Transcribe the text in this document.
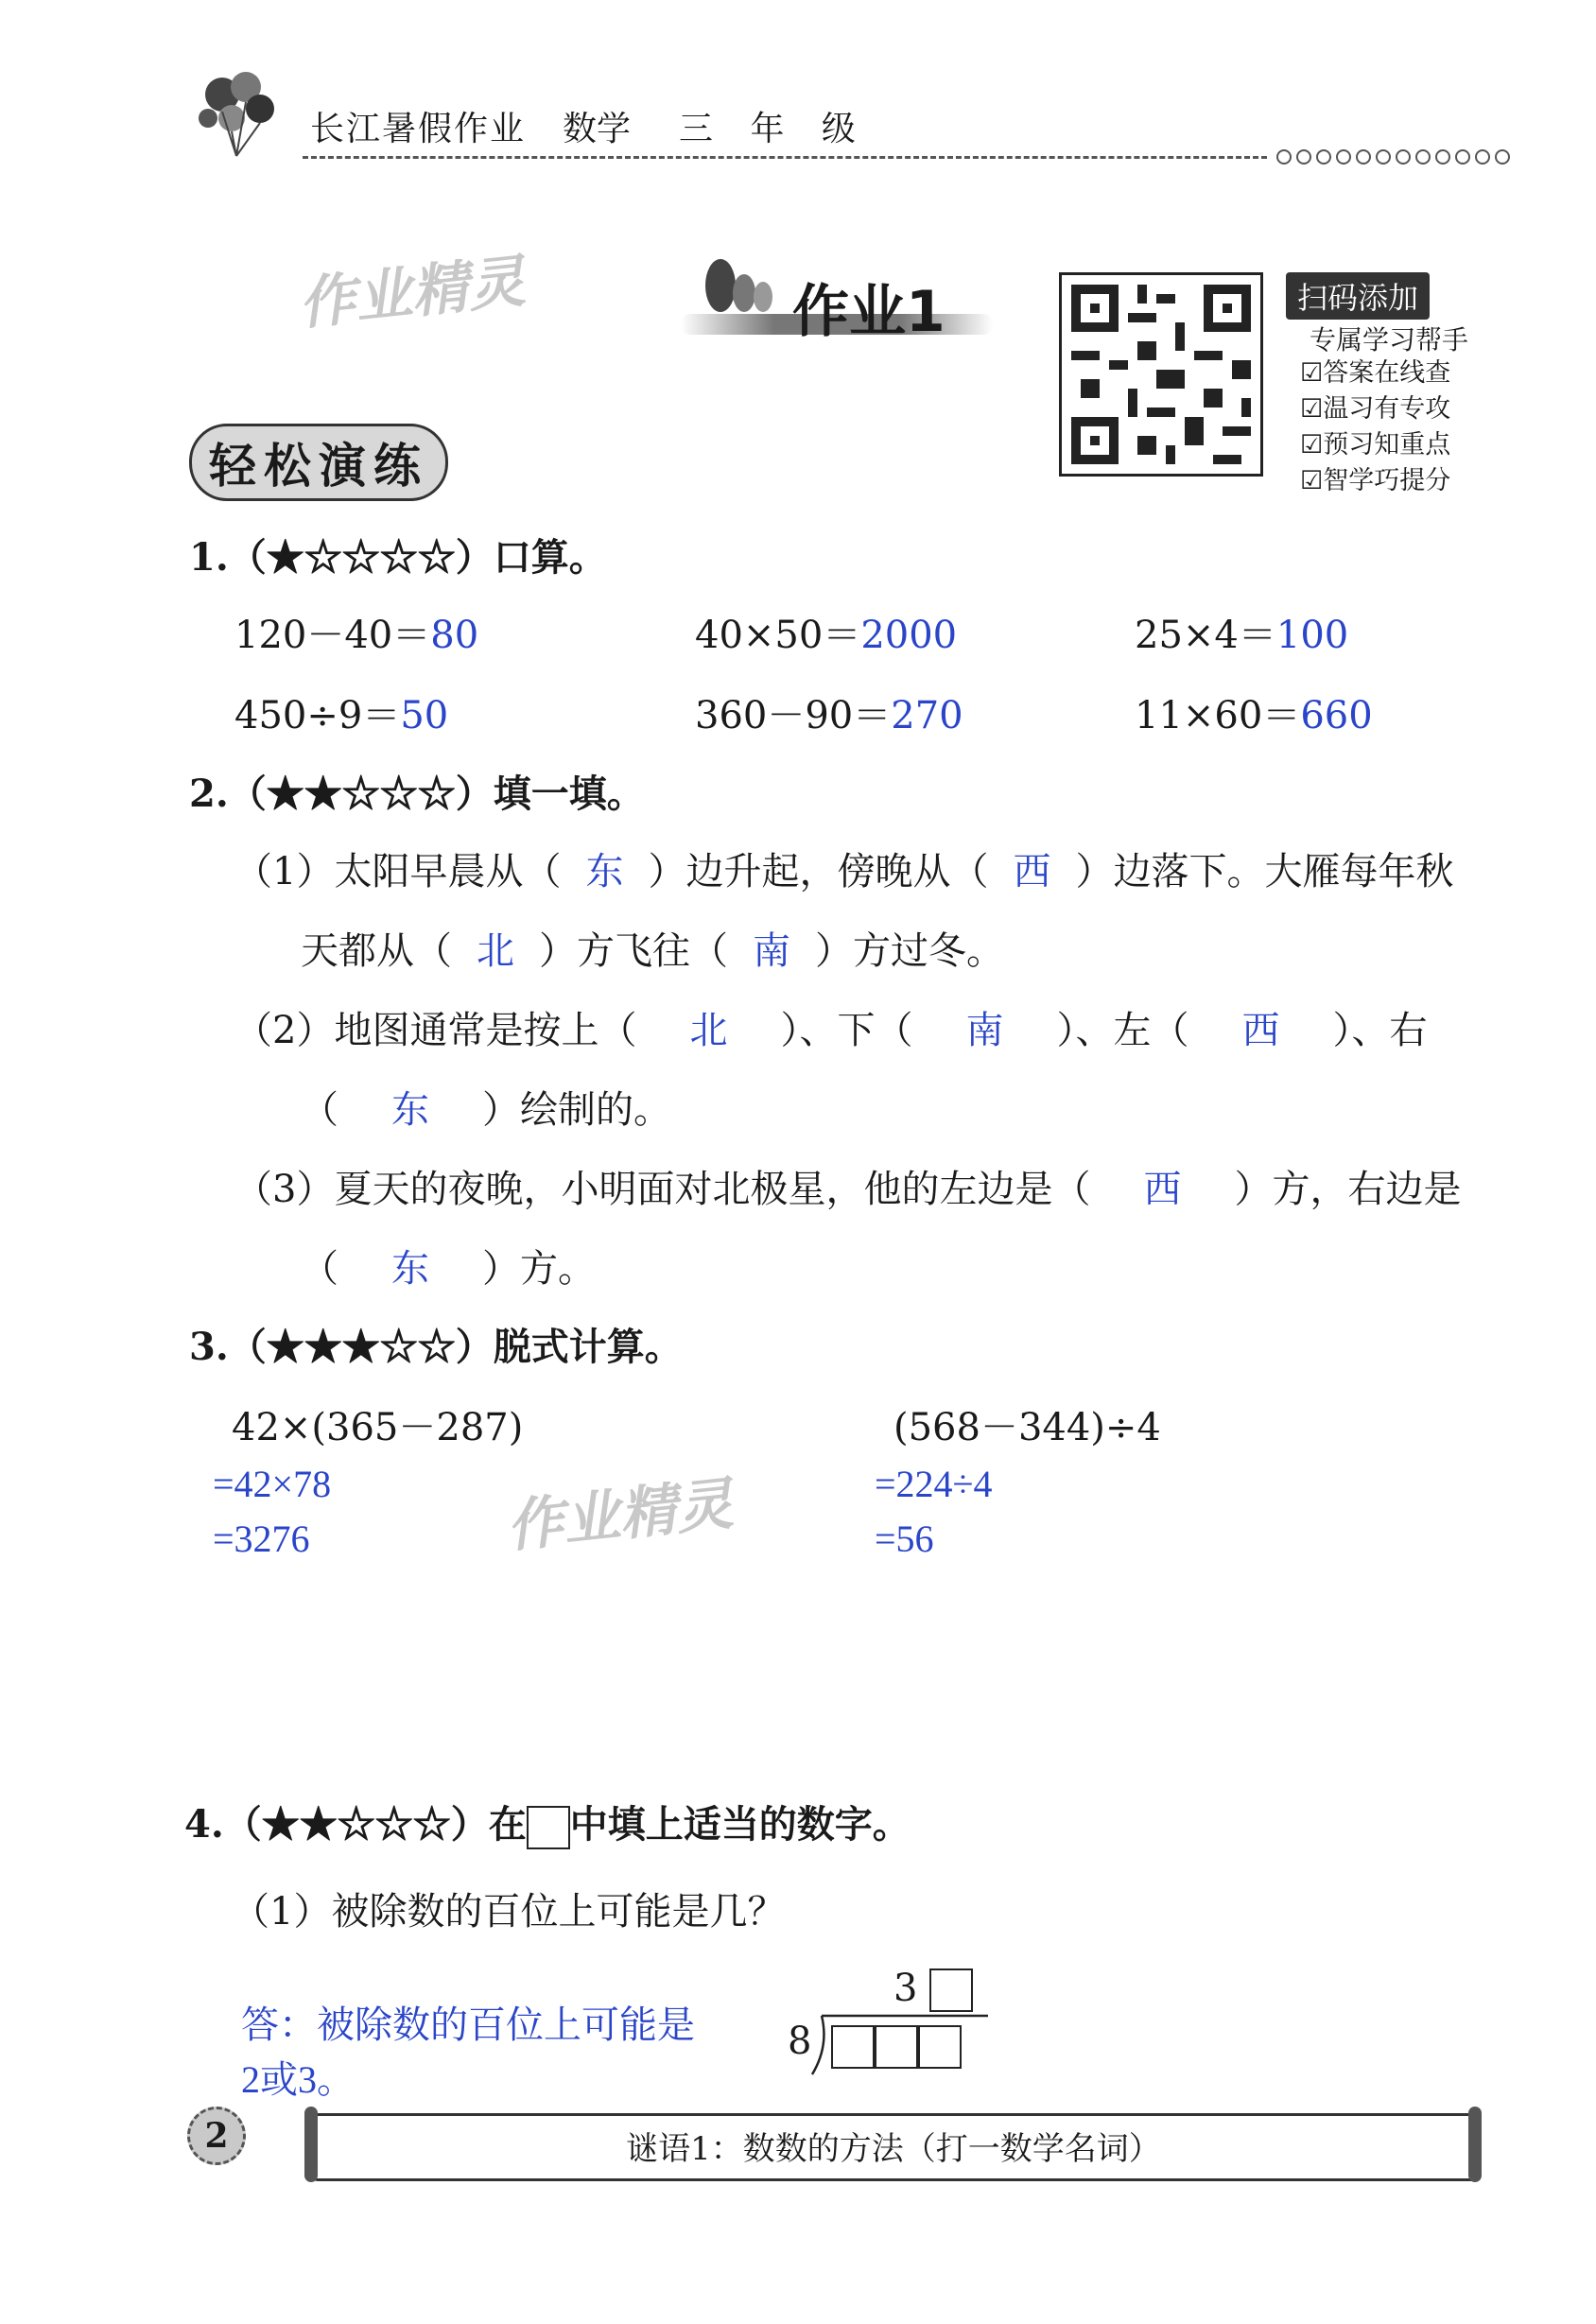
长江暑假作业 数学 三 年 级
作业精灵
作业精灵
作业1	扫码添加
专属学习帮手
☑答案在线查
☑温习有专攻
☑预习知重点
☑智学巧提分
轻松演练
1.（★☆☆☆☆）口算。
120－40＝80	40×50＝2000	25×4＝100
450÷9＝50	360－90＝270	11×60＝660
2.（★★☆☆☆）填一填。
（1）太阳早晨从（ 东 ）边升起，傍晚从（ 西 ）边落下。大雁每年秋
天都从（ 北 ）方飞往（ 南 ）方过冬。
（2）地图通常是按上（ 北 ）、下（ 南 ）、左（ 西 ）、右
（ 东 ）绘制的。
（3）夏天的夜晚，小明面对北极星，他的左边是（ 西 ）方，右边是
（ 东 ）方。
3.（★★★☆☆）脱式计算。
42×(365－287)
=42×78
=3276
(568－344)÷4
=224÷4
=56
4.（★★☆☆☆）在 中填上适当的数字。
（1）被除数的百位上可能是几？
答：被除数的百位上可能是
2或3。
3
8
2	谜语1：数数的方法（打一数学名词）
